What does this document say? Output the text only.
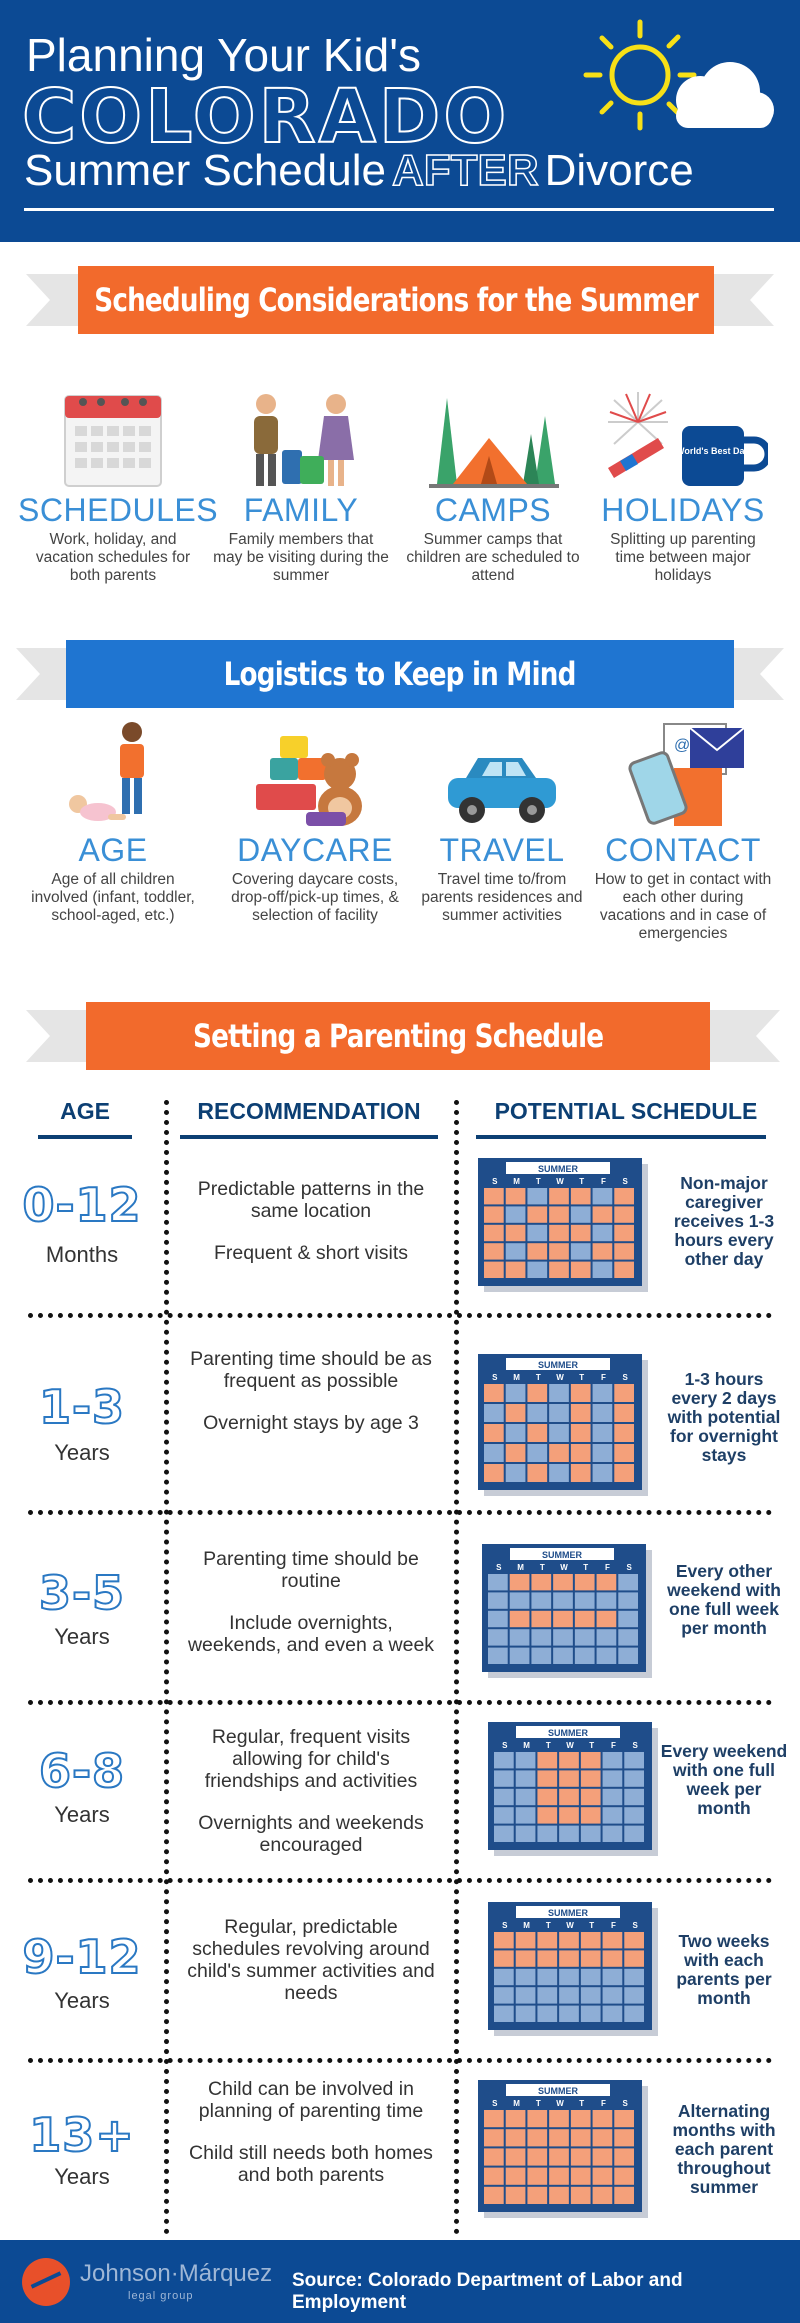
Planning Your Kid's
COLORADO
Summer Schedule AFTER Divorce
Scheduling Considerations for the Summer
SCHEDULES
Work, holiday, and vacation schedules for both parents
FAMILY
Family members that may be visiting during the summer
CAMPS
Summer camps that children are scheduled to attend
World's Best Dad
HOLIDAYS
Splitting up parenting time between major holidays
Logistics to Keep in Mind
AGE
Age of all children involved (infant, toddler, school-aged, etc.)
DAYCARE
Covering daycare costs, drop-off/pick-up times, & selection of facility
TRAVEL
Travel time to/from parents residences and summer activities
@
CONTACT
How to get in contact with each other during vacations and in case of emergencies
Setting a Parenting Schedule
AGE	RECOMMENDATION	POTENTIAL SCHEDULE
0-12
Months

Predictable patterns in the same location

Frequent & short visits

SUMMER
S M T W T F S	Non-major caregiver receives 1-3 hours every other day
1-3
Years

Parenting time should be as frequent as possible

Overnight stays by age 3

SUMMER
S M T W T F S	1-3 hours every 2 days with potential for overnight stays
3-5
Years

Parenting time should be routine

Include overnights, weekends, and even a week

SUMMER
S M T W T F S	Every other weekend with one full week per month
6-8
Years

Regular, frequent visits allowing for child's friendships and activities

Overnights and weekends encouraged

SUMMER
S M T W T F S Every weekend with one full week per month
9-12
Years

Regular, predictable schedules revolving around child's summer activities and needs

SUMMER
S M T W T F S
Two weeks with each parents per month
13+
Years

Child can be involved in planning of parenting time

Child still needs both homes and both parents

SUMMER
S M T W T F S	Alternating months with each parent throughout summer
Johnson·Márquez
legal group
Source: Colorado Department of Labor and Employment
